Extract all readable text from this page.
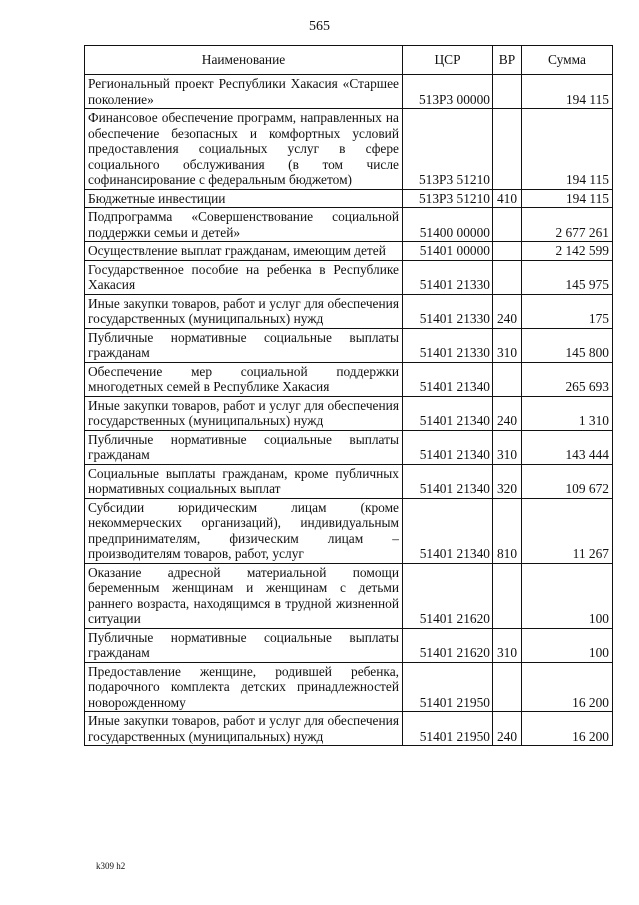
565
Наименование	ЦСР	ВР	Сумма
Региональный проект Республики Хакасия «Старшее поколение»	513Р3 00000		194 115
Финансовое обеспечение программ, направленных на обеспечение безопасных и комфортных условий предоставления социальных услуг в сфере социального обслуживания (в том числе софинансирование с федеральным бюджетом)	513Р3 51210		194 115
Бюджетные инвестиции	513Р3 51210	410	194 115
Подпрограмма «Совершенствование социальной поддержки семьи и детей»	51400 00000		2 677 261
Осуществление выплат гражданам, имеющим детей	51401 00000		2 142 599
Государственное пособие на ребенка в Республике Хакасия	51401 21330		145 975
Иные закупки товаров, работ и услуг для обеспечения государственных (муниципальных) нужд	51401 21330	240	175
Публичные нормативные социальные выплаты гражданам	51401 21330	310	145 800
Обеспечение мер социальной поддержки многодетных семей в Республике Хакасия	51401 21340		265 693
Иные закупки товаров, работ и услуг для обеспечения государственных (муниципальных) нужд	51401 21340	240	1 310
Публичные нормативные социальные выплаты гражданам	51401 21340	310	143 444
Социальные выплаты гражданам, кроме публичных нормативных социальных выплат	51401 21340	320	109 672
Субсидии юридическим лицам (кроме некоммерческих организаций), индивидуальным предпринимателям, физическим лицам – производителям товаров, работ, услуг	51401 21340	810	11 267
Оказание адресной материальной помощи беременным женщинам и женщинам с детьми раннего возраста, находящимся в трудной жизненной ситуации	51401 21620		100
Публичные нормативные социальные выплаты гражданам	51401 21620	310	100
Предоставление женщине, родившей ребенка, подарочного комплекта детских принадлежностей новорожденному	51401 21950		16 200
Иные закупки товаров, работ и услуг для обеспечения государственных (муниципальных) нужд	51401 21950	240	16 200
k309 h2
